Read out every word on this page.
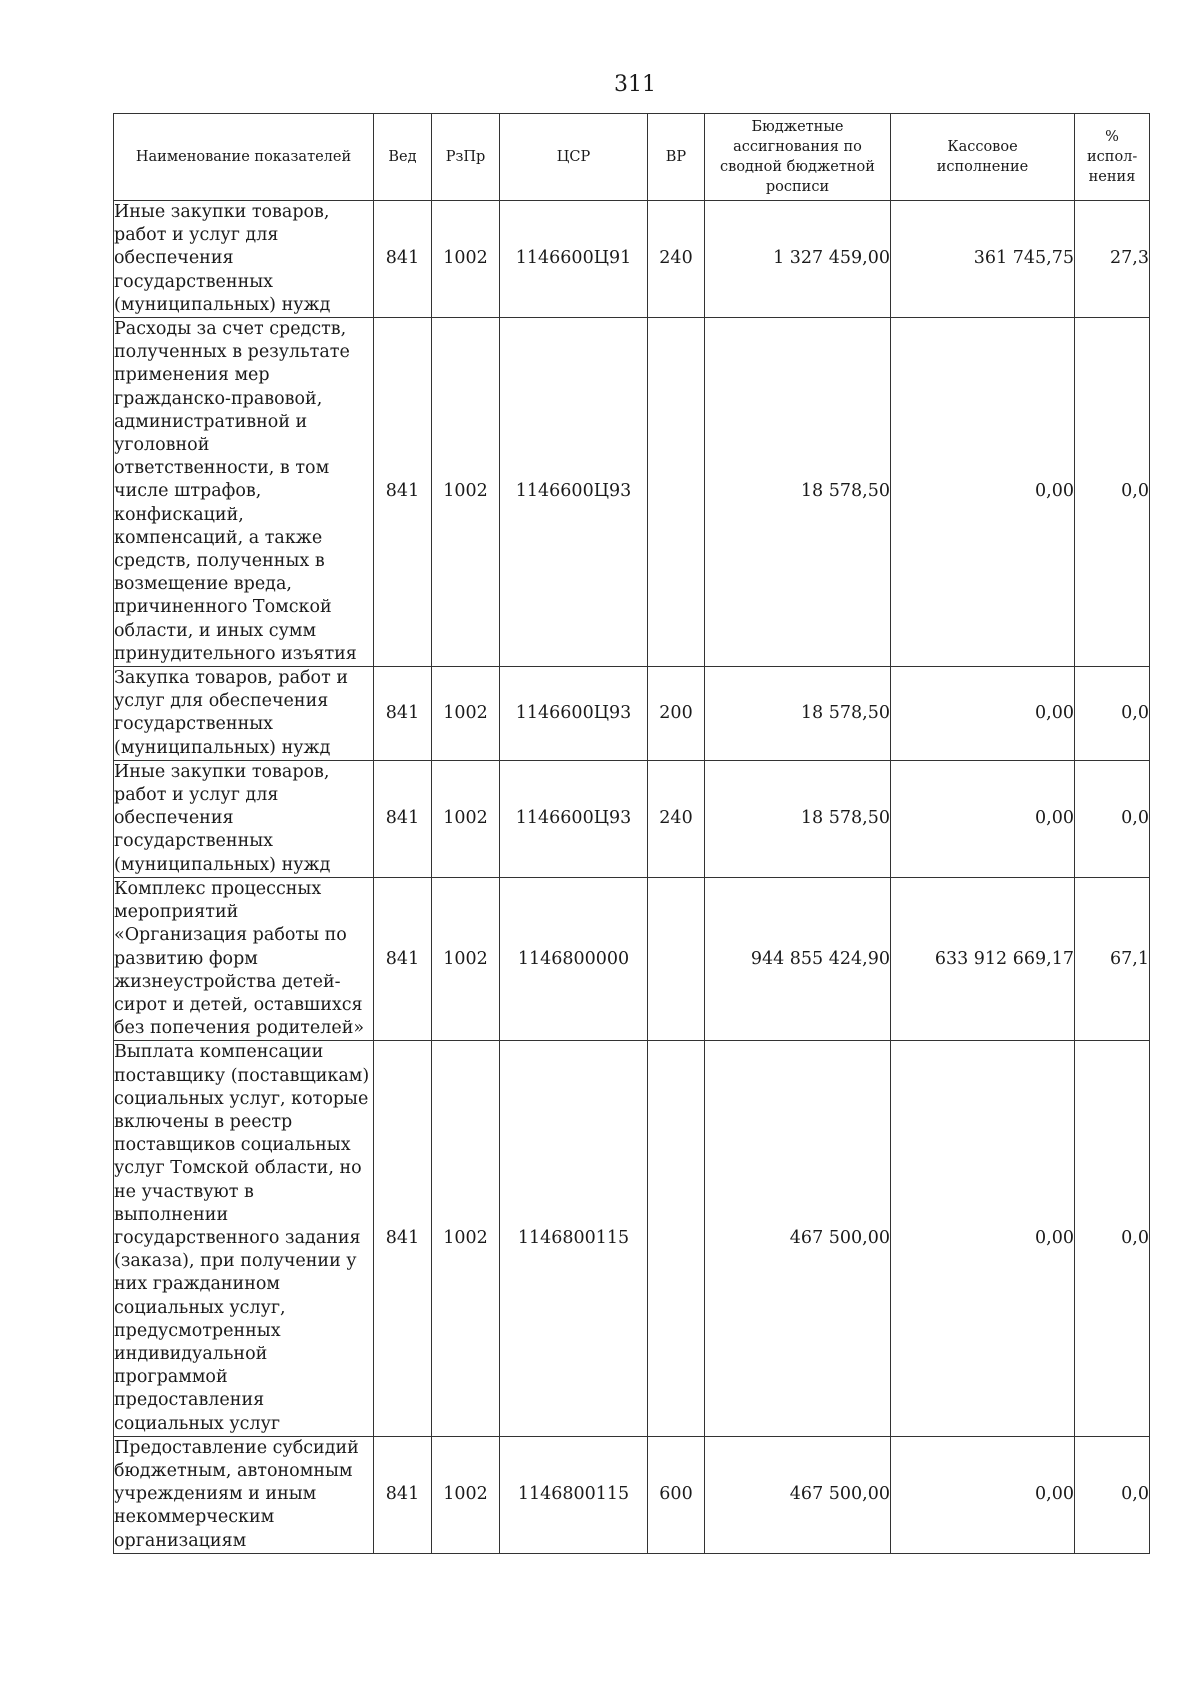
311
Наименование показателей	Вед	РзПр	ЦСР	ВР	Бюджетные ассигнования по сводной бюджетной росписи	Кассовое исполнение	% испол-нения
Иные закупки товаров, работ и услуг для обеспечения государственных (муниципальных) нужд	841	1002	1146600Ц91	240	1 327 459,00	361 745,75	27,3
Расходы за счет средств, полученных в результате применения мер гражданско-правовой, административной и уголовной ответственности, в том числе штрафов, конфискаций, компенсаций, а также средств, полученных в возмещение вреда, причиненного Томской области, и иных сумм принудительного изъятия	841	1002	1146600Ц93		18 578,50	0,00	0,0
Закупка товаров, работ и услуг для обеспечения государственных (муниципальных) нужд	841	1002	1146600Ц93	200	18 578,50	0,00	0,0
Иные закупки товаров, работ и услуг для обеспечения государственных (муниципальных) нужд	841	1002	1146600Ц93	240	18 578,50	0,00	0,0
Комплекс процессных мероприятий «Организация работы по развитию форм жизнеустройства детей-сирот и детей, оставшихся без попечения родителей»	841	1002	1146800000		944 855 424,90	633 912 669,17	67,1
Выплата компенсации поставщику (поставщикам) социальных услуг, которые включены в реестр поставщиков социальных услуг Томской области, но не участвуют в выполнении государственного задания (заказа), при получении у них гражданином социальных услуг, предусмотренных индивидуальной программой предоставления социальных услуг	841	1002	1146800115		467 500,00	0,00	0,0
Предоставление субсидий бюджетным, автономным учреждениям и иным некоммерческим организациям	841	1002	1146800115	600	467 500,00	0,00	0,0
